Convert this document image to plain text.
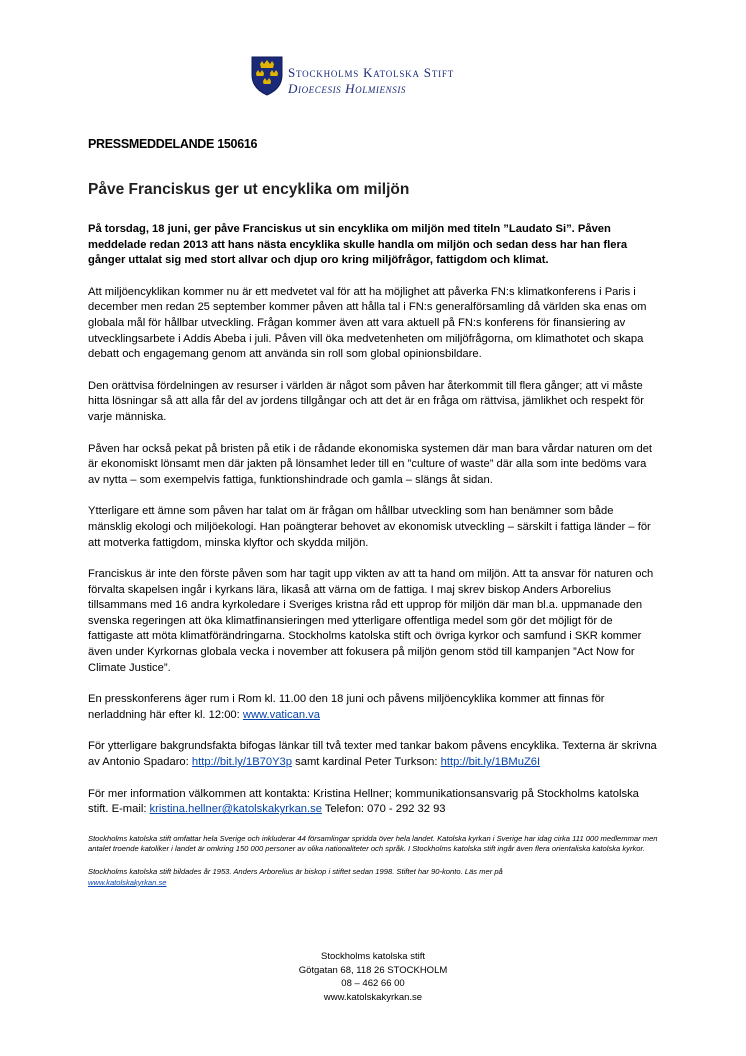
Stockholms Katolska Stift
Dioecesis Holmiensis
PRESSMEDDELANDE 150616
Påve Franciskus ger ut encyklika om miljön

På torsdag, 18 juni, ger påve Franciskus ut sin encyklika om miljön med titeln ”Laudato Si”. Påven meddelade redan 2013 att hans nästa encyklika skulle handla om miljön och sedan dess har han flera gånger uttalat sig med stort allvar och djup oro kring miljöfrågor, fattigdom och klimat.

Att miljöencyklikan kommer nu är ett medvetet val för att ha möjlighet att påverka FN:s klimatkonferens i Paris i december men redan 25 september kommer påven att hålla tal i FN:s generalförsamling då världen ska enas om globala mål för hållbar utveckling. Frågan kommer även att vara aktuell på FN:s konferens för finansiering av utvecklingsarbete i Addis Abeba i juli. Påven vill öka medvetenheten om miljöfrågorna, om klimathotet och skapa debatt och engagemang genom att använda sin roll som global opinionsbildare.

Den orättvisa fördelningen av resurser i världen är något som påven har återkommit till flera gånger; att vi måste hitta lösningar så att alla får del av jordens tillgångar och att det är en fråga om rättvisa, jämlikhet och respekt för varje människa.

Påven har också pekat på bristen på etik i de rådande ekonomiska systemen där man bara vårdar naturen om det är ekonomiskt lönsamt men där jakten på lönsamhet leder till en ”culture of waste” där alla som inte bedöms vara av nytta – som exempelvis fattiga, funktionshindrade och gamla – slängs åt sidan.

Ytterligare ett ämne som påven har talat om är frågan om hållbar utveckling som han benämner som både mänsklig ekologi och miljöekologi. Han poängterar behovet av ekonomisk utveckling – särskilt i fattiga länder – för att motverka fattigdom, minska klyftor och skydda miljön.

Franciskus är inte den förste påven som har tagit upp vikten av att ta hand om miljön. Att ta ansvar för naturen och förvalta skapelsen ingår i kyrkans lära, likaså att värna om de fattiga. I maj skrev biskop Anders Arborelius tillsammans med 16 andra kyrkoledare i Sveriges kristna råd ett upprop för miljön där man bl.a. uppmanade den svenska regeringen att öka klimatfinansieringen med ytterligare offentliga medel som gör det möjligt för de fattigaste att möta klimatförändringarna. Stockholms katolska stift och övriga kyrkor och samfund i SKR kommer även under Kyrkornas globala vecka i november att fokusera på miljön genom stöd till kampanjen ”Act Now for Climate Justice”.

En presskonferens äger rum i Rom kl. 11.00 den 18 juni och påvens miljöencyklika kommer att finnas för nerladdning här efter kl. 12:00: www.vatican.va

För ytterligare bakgrundsfakta bifogas länkar till två texter med tankar bakom påvens encyklika. Texterna är skrivna av Antonio Spadaro: http://bit.ly/1B70Y3p samt kardinal Peter Turkson: http://bit.ly/1BMuZ6I

För mer information välkommen att kontakta: Kristina Hellner; kommunikationsansvarig på Stockholms katolska stift. E-mail: kristina.hellner@katolskakyrkan.se Telefon: 070 - 292 32 93

Stockholms katolska stift omfattar hela Sverige och inkluderar 44 församlingar spridda över hela landet. Katolska kyrkan i Sverige har idag cirka 111 000 medlemmar men antalet troende katoliker i landet är omkring 150 000 personer av olika nationaliteter och språk. I Stockholms katolska stift ingår även flera orientaliska katolska kyrkor.

Stockholms katolska stift bildades år 1953. Anders Arborelius är biskop i stiftet sedan 1998. Stiftet har 90-konto. Läs mer på
www.katolskakyrkan.se

Stockholms katolska stift
Götgatan 68, 118 26 STOCKHOLM
08 – 462 66 00
www.katolskakyrkan.se
